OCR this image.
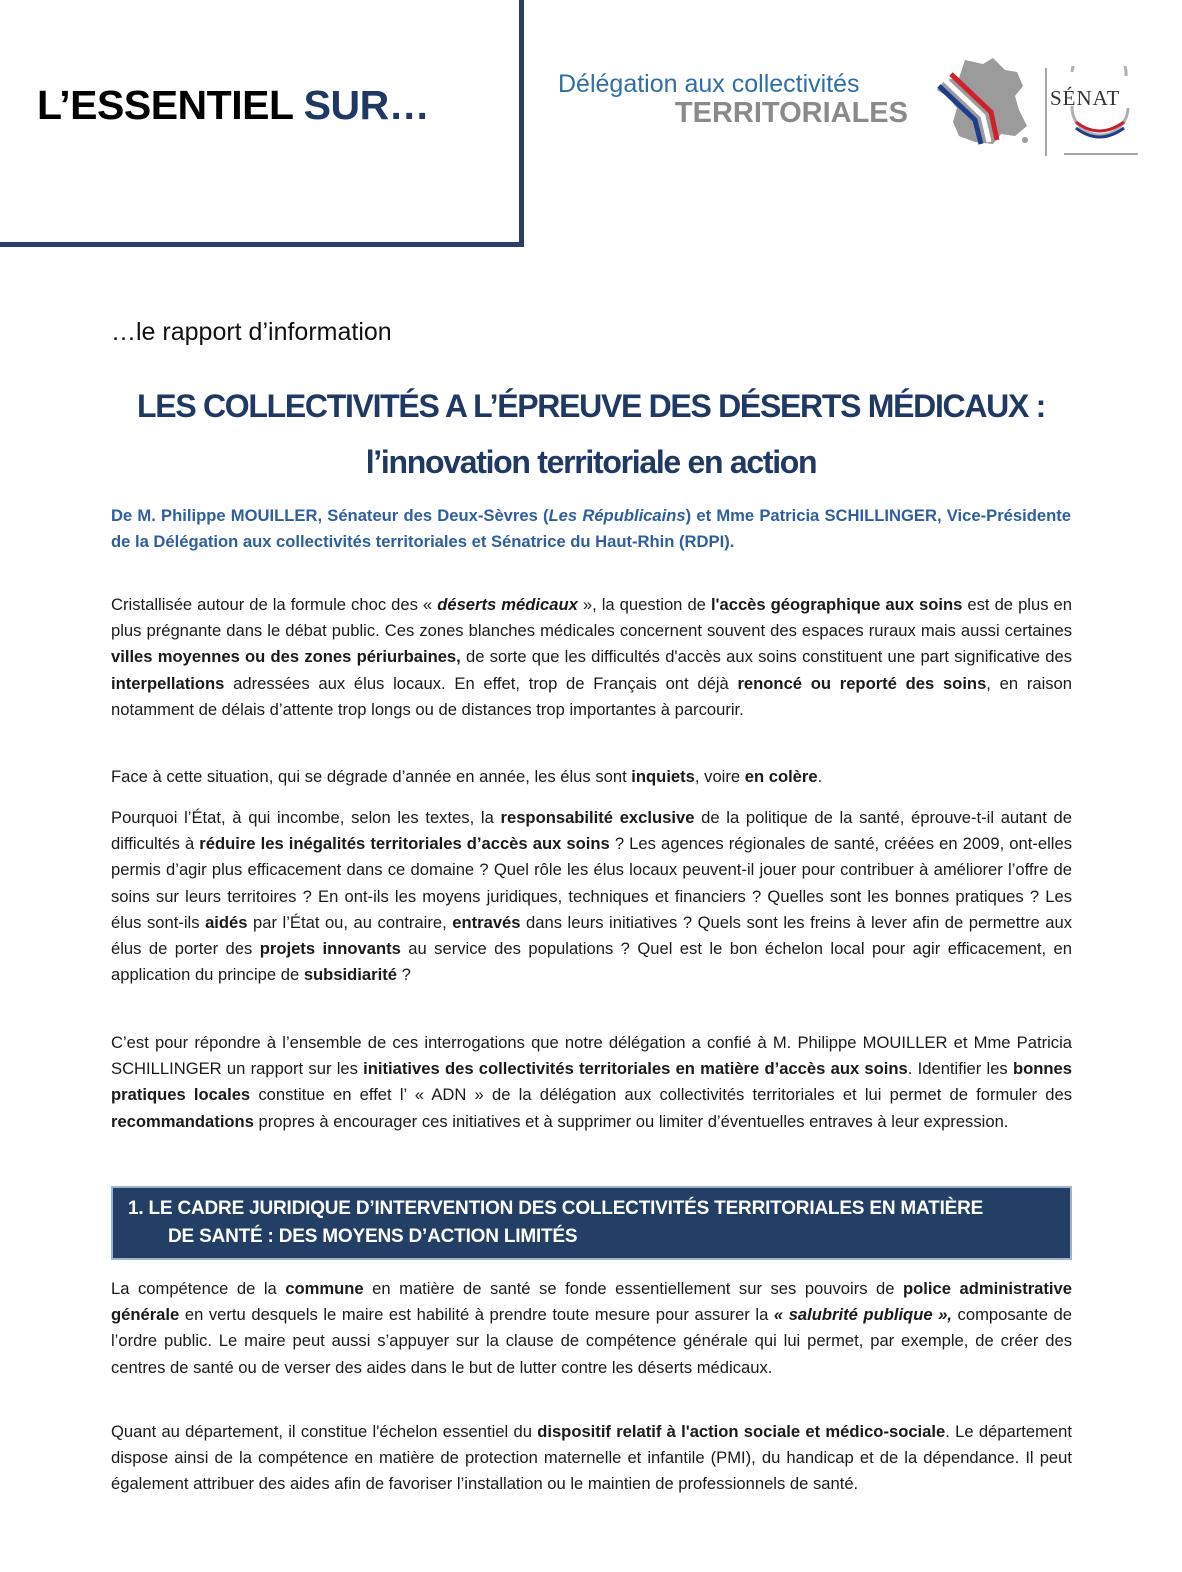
L’ESSENTIEL SUR…	Délégation aux collectivités
TERRITORIALES	SÉNAT
…le rapport d’information
LES COLLECTIVITÉS A L’ÉPREUVE DES DÉSERTS MÉDICAUX :
l’innovation territoriale en action
De M. Philippe MOUILLER, Sénateur des Deux-Sèvres (Les Républicains) et Mme Patricia SCHILLINGER, Vice-Présidente de la Délégation aux collectivités territoriales et Sénatrice du Haut-Rhin (RDPI).
Cristallisée autour de la formule choc des « déserts médicaux », la question de l'accès géographique aux soins est de plus en plus prégnante dans le débat public. Ces zones blanches médicales concernent souvent des espaces ruraux mais aussi certaines villes moyennes ou des zones périurbaines, de sorte que les difficultés d'accès aux soins constituent une part significative des interpellations adressées aux élus locaux. En effet, trop de Français ont déjà renoncé ou reporté des soins, en raison notamment de délais d’attente trop longs ou de distances trop importantes à parcourir.
Face à cette situation, qui se dégrade d’année en année, les élus sont inquiets, voire en colère.
Pourquoi l’État, à qui incombe, selon les textes, la responsabilité exclusive de la politique de la santé, éprouve-t-il autant de difficultés à réduire les inégalités territoriales d’accès aux soins ? Les agences régionales de santé, créées en 2009, ont-elles permis d’agir plus efficacement dans ce domaine ? Quel rôle les élus locaux peuvent-il jouer pour contribuer à améliorer l’offre de soins sur leurs territoires ? En ont-ils les moyens juridiques, techniques et financiers ? Quelles sont les bonnes pratiques ? Les élus sont-ils aidés par l’État ou, au contraire, entravés dans leurs initiatives ? Quels sont les freins à lever afin de permettre aux élus de porter des projets innovants au service des populations ? Quel est le bon échelon local pour agir efficacement, en application du principe de subsidiarité ?
C’est pour répondre à l’ensemble de ces interrogations que notre délégation a confié à M. Philippe MOUILLER et Mme Patricia SCHILLINGER un rapport sur les initiatives des collectivités territoriales en matière d’accès aux soins. Identifier les bonnes pratiques locales constitue en effet l’ « ADN » de la délégation aux collectivités territoriales et lui permet de formuler des recommandations propres à encourager ces initiatives et à supprimer ou limiter d’éventuelles entraves à leur expression.
1. LE CADRE JURIDIQUE D’INTERVENTION DES COLLECTIVITÉS TERRITORIALES EN MATIÈRE
DE SANTÉ : DES MOYENS D’ACTION LIMITÉS
La compétence de la commune en matière de santé se fonde essentiellement sur ses pouvoirs de police administrative générale en vertu desquels le maire est habilité à prendre toute mesure pour assurer la « salubrité publique », composante de l’ordre public. Le maire peut aussi s’appuyer sur la clause de compétence générale qui lui permet, par exemple, de créer des centres de santé ou de verser des aides dans le but de lutter contre les déserts médicaux.
Quant au département, il constitue l'échelon essentiel du dispositif relatif à l'action sociale et médico-sociale. Le département dispose ainsi de la compétence en matière de protection maternelle et infantile (PMI), du handicap et de la dépendance. Il peut également attribuer des aides afin de favoriser l’installation ou le maintien de professionnels de santé.
